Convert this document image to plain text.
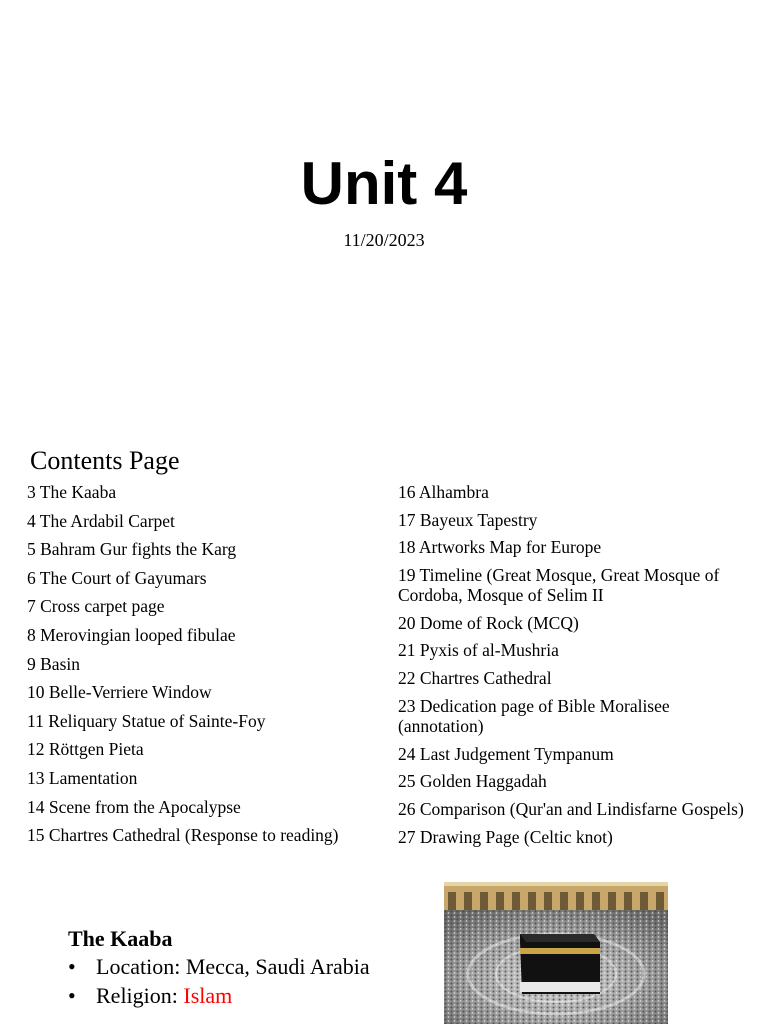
Unit 4
11/20/2023
Contents Page
3 The Kaaba
4 The Ardabil Carpet
5 Bahram Gur fights the Karg
6 The Court of Gayumars
7 Cross carpet page
8 Merovingian looped fibulae
9 Basin
10 Belle-Verriere Window
11 Reliquary Statue of Sainte-Foy
12 Röttgen Pieta
13 Lamentation
14 Scene from the Apocalypse
15 Chartres Cathedral (Response to reading)
16 Alhambra
17 Bayeux Tapestry
18 Artworks Map for Europe
19 Timeline (Great Mosque, Great Mosque of Cordoba, Mosque of Selim II
20 Dome of Rock (MCQ)
21 Pyxis of al-Mushria
22 Chartres Cathedral
23 Dedication page of Bible Moralisee (annotation)
24 Last Judgement Tympanum
25 Golden Haggadah
26 Comparison (Qur'an and Lindisfarne Gospels)
27 Drawing Page (Celtic knot)
The Kaaba
• Location: Mecca, Saudi Arabia
• Religion: Islam
